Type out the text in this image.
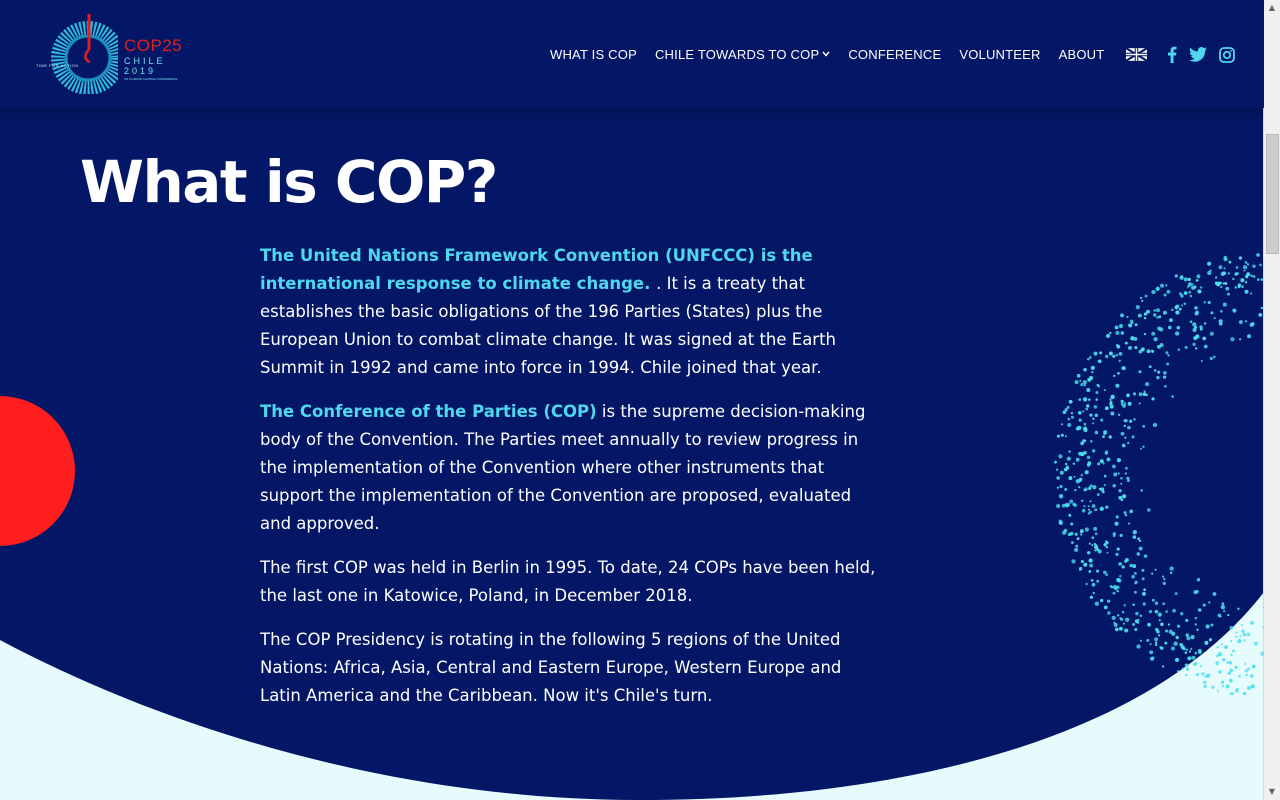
COP25
CHILE
2019
UN CLIMATE CHANGE CONFERENCE
TIME FOR ACTION
WHAT IS COP CHILE TOWARDS TO COP CONFERENCE VOLUNTEER ABOUT
What is COP?

The United Nations Framework Convention (UNFCCC) is the international response to climate change. . It is a treaty that establishes the basic obligations of the 196 Parties (States) plus the European Union to combat climate change. It was signed at the Earth Summit in 1992 and came into force in 1994. Chile joined that year.

The Conference of the Parties (COP) is the supreme decision-making body of the Convention. The Parties meet annually to review progress in the implementation of the Convention where other instruments that support the implementation of the Convention are proposed, evaluated and approved.

The first COP was held in Berlin in 1995. To date, 24 COPs have been held, the last one in Katowice, Poland, in December 2018.

The COP Presidency is rotating in the following 5 regions of the United Nations: Africa, Asia, Central and Eastern Europe, Western Europe and Latin America and the Caribbean. Now it's Chile's turn.

▲
▼
